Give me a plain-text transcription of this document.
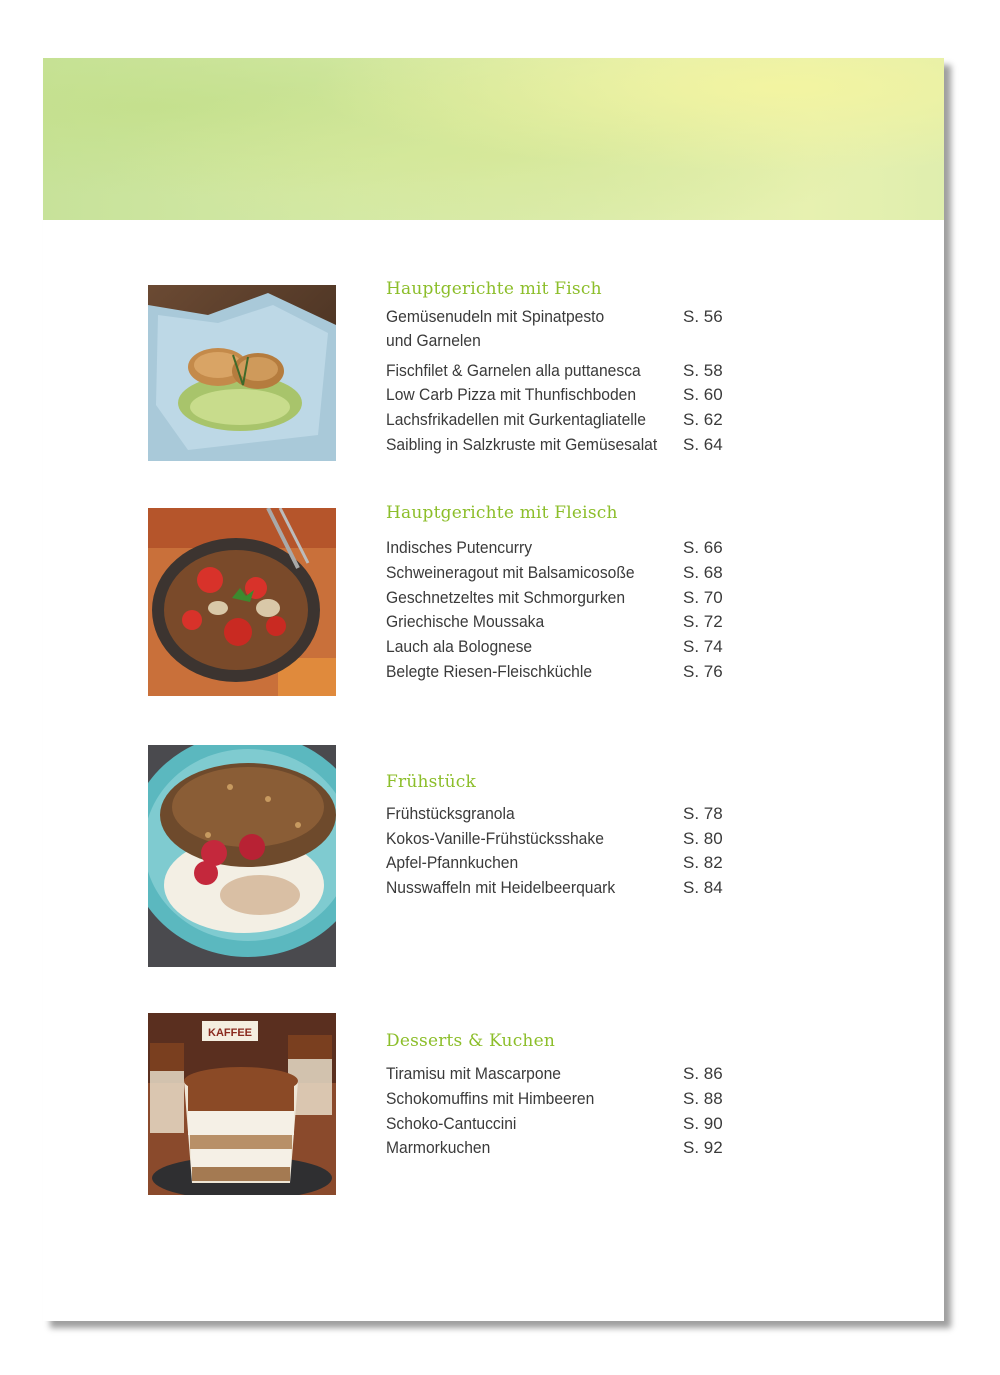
Hauptgerichte mit Fisch
Gemüsenudeln mit Spinatpesto	S. 56
und Garnelen
Fischfilet & Garnelen alla puttanesca	S. 58
Low Carb Pizza mit Thunfischboden	S. 60
Lachsfrikadellen mit Gurkentagliatelle S. 62
Saibling in Salzkruste mit Gemüsesalat S. 64
Hauptgerichte mit Fleisch
Indisches Putencurry	S. 66
Schweineragout mit Balsamicosoße	S. 68
Geschnetzeltes mit Schmorgurken	S. 70
Griechische Moussaka	S. 72
Lauch ala Bolognese	S. 74
Belegte Riesen-Fleischküchle	S. 76
Frühstück
Frühstücksgranola	S. 78
Kokos-Vanille-Frühstücksshake	S. 80
Apfel-Pfannkuchen	S. 82
Nusswaffeln mit Heidelbeerquark	S. 84
KAFFEE	Desserts & Kuchen
Tiramisu mit Mascarpone	S. 86
Schokomuffins mit Himbeeren	S. 88
Schoko-Cantuccini	S. 90
Marmorkuchen	S. 92
